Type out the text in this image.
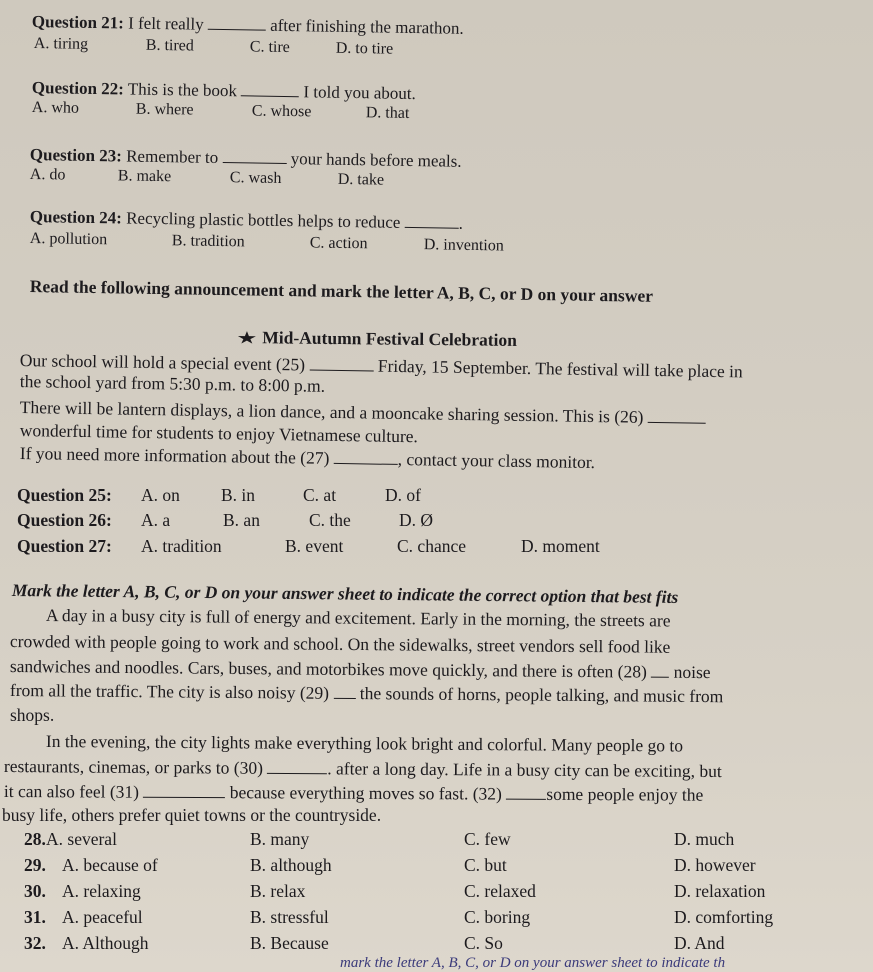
Question 21: I felt really	after finishing the marathon.
A. tiring	B. tired	C. tire	D. to tire
Question 22: This is the book	I told you about.
A. who	B. where	C. whose	D. that
Question 23: Remember to	your hands before meals.
A. do	B. make	C. wash	D. take
Question 24: Recycling plastic bottles helps to reduce	.
A. pollution	B. tradition	C. action	D. invention
Read the following announcement and mark the letter A, B, C, or D on your answer
Mid-Autumn Festival Celebration
Our school will hold a special event (25)	Friday, 15 September. The festival will take place in
the school yard from 5:30 p.m. to 8:00 p.m.
There will be lantern displays, a lion dance, and a mooncake sharing session. This is (26)
wonderful time for students to enjoy Vietnamese culture.
If you need more information about the (27)	, contact your class monitor.
Question 25: A. on B. in	C. at	D. of
Question 26: A. a	B. an	C. the	D. Ø
Question 27: A. tradition	B. event	C. chance	D. moment
Mark the letter A, B, C, or D on your answer sheet to indicate the correct option that best fits
A day in a busy city is full of energy and excitement. Early in the morning, the streets are
crowded with people going to work and school. On the sidewalks, street vendors sell food like
sandwiches and noodles. Cars, buses, and motorbikes move quickly, and there is often (28) noise
from all the traffic. The city is also noisy (29) the sounds of horns, people talking, and music from
shops.
In the evening, the city lights make everything look bright and colorful. Many people go to
restaurants, cinemas, or parks to (30)	. after a long day. Life in a busy city can be exciting, but
it can also feel (31)	because everything moves so fast. (32)	some people enjoy the
busy life, others prefer quiet towns or the countryside.
28.A. several	B. many	C. few	D. much
29. A. because of	B. although	C. but	D. however
30. A. relaxing	B. relax	C. relaxed	D. relaxation
31. A. peaceful	B. stressful	C. boring	D. comforting
32. A. Although	B. Because	C. So	D. And
mark the letter A, B, C, or D on your answer sheet to indicate th
